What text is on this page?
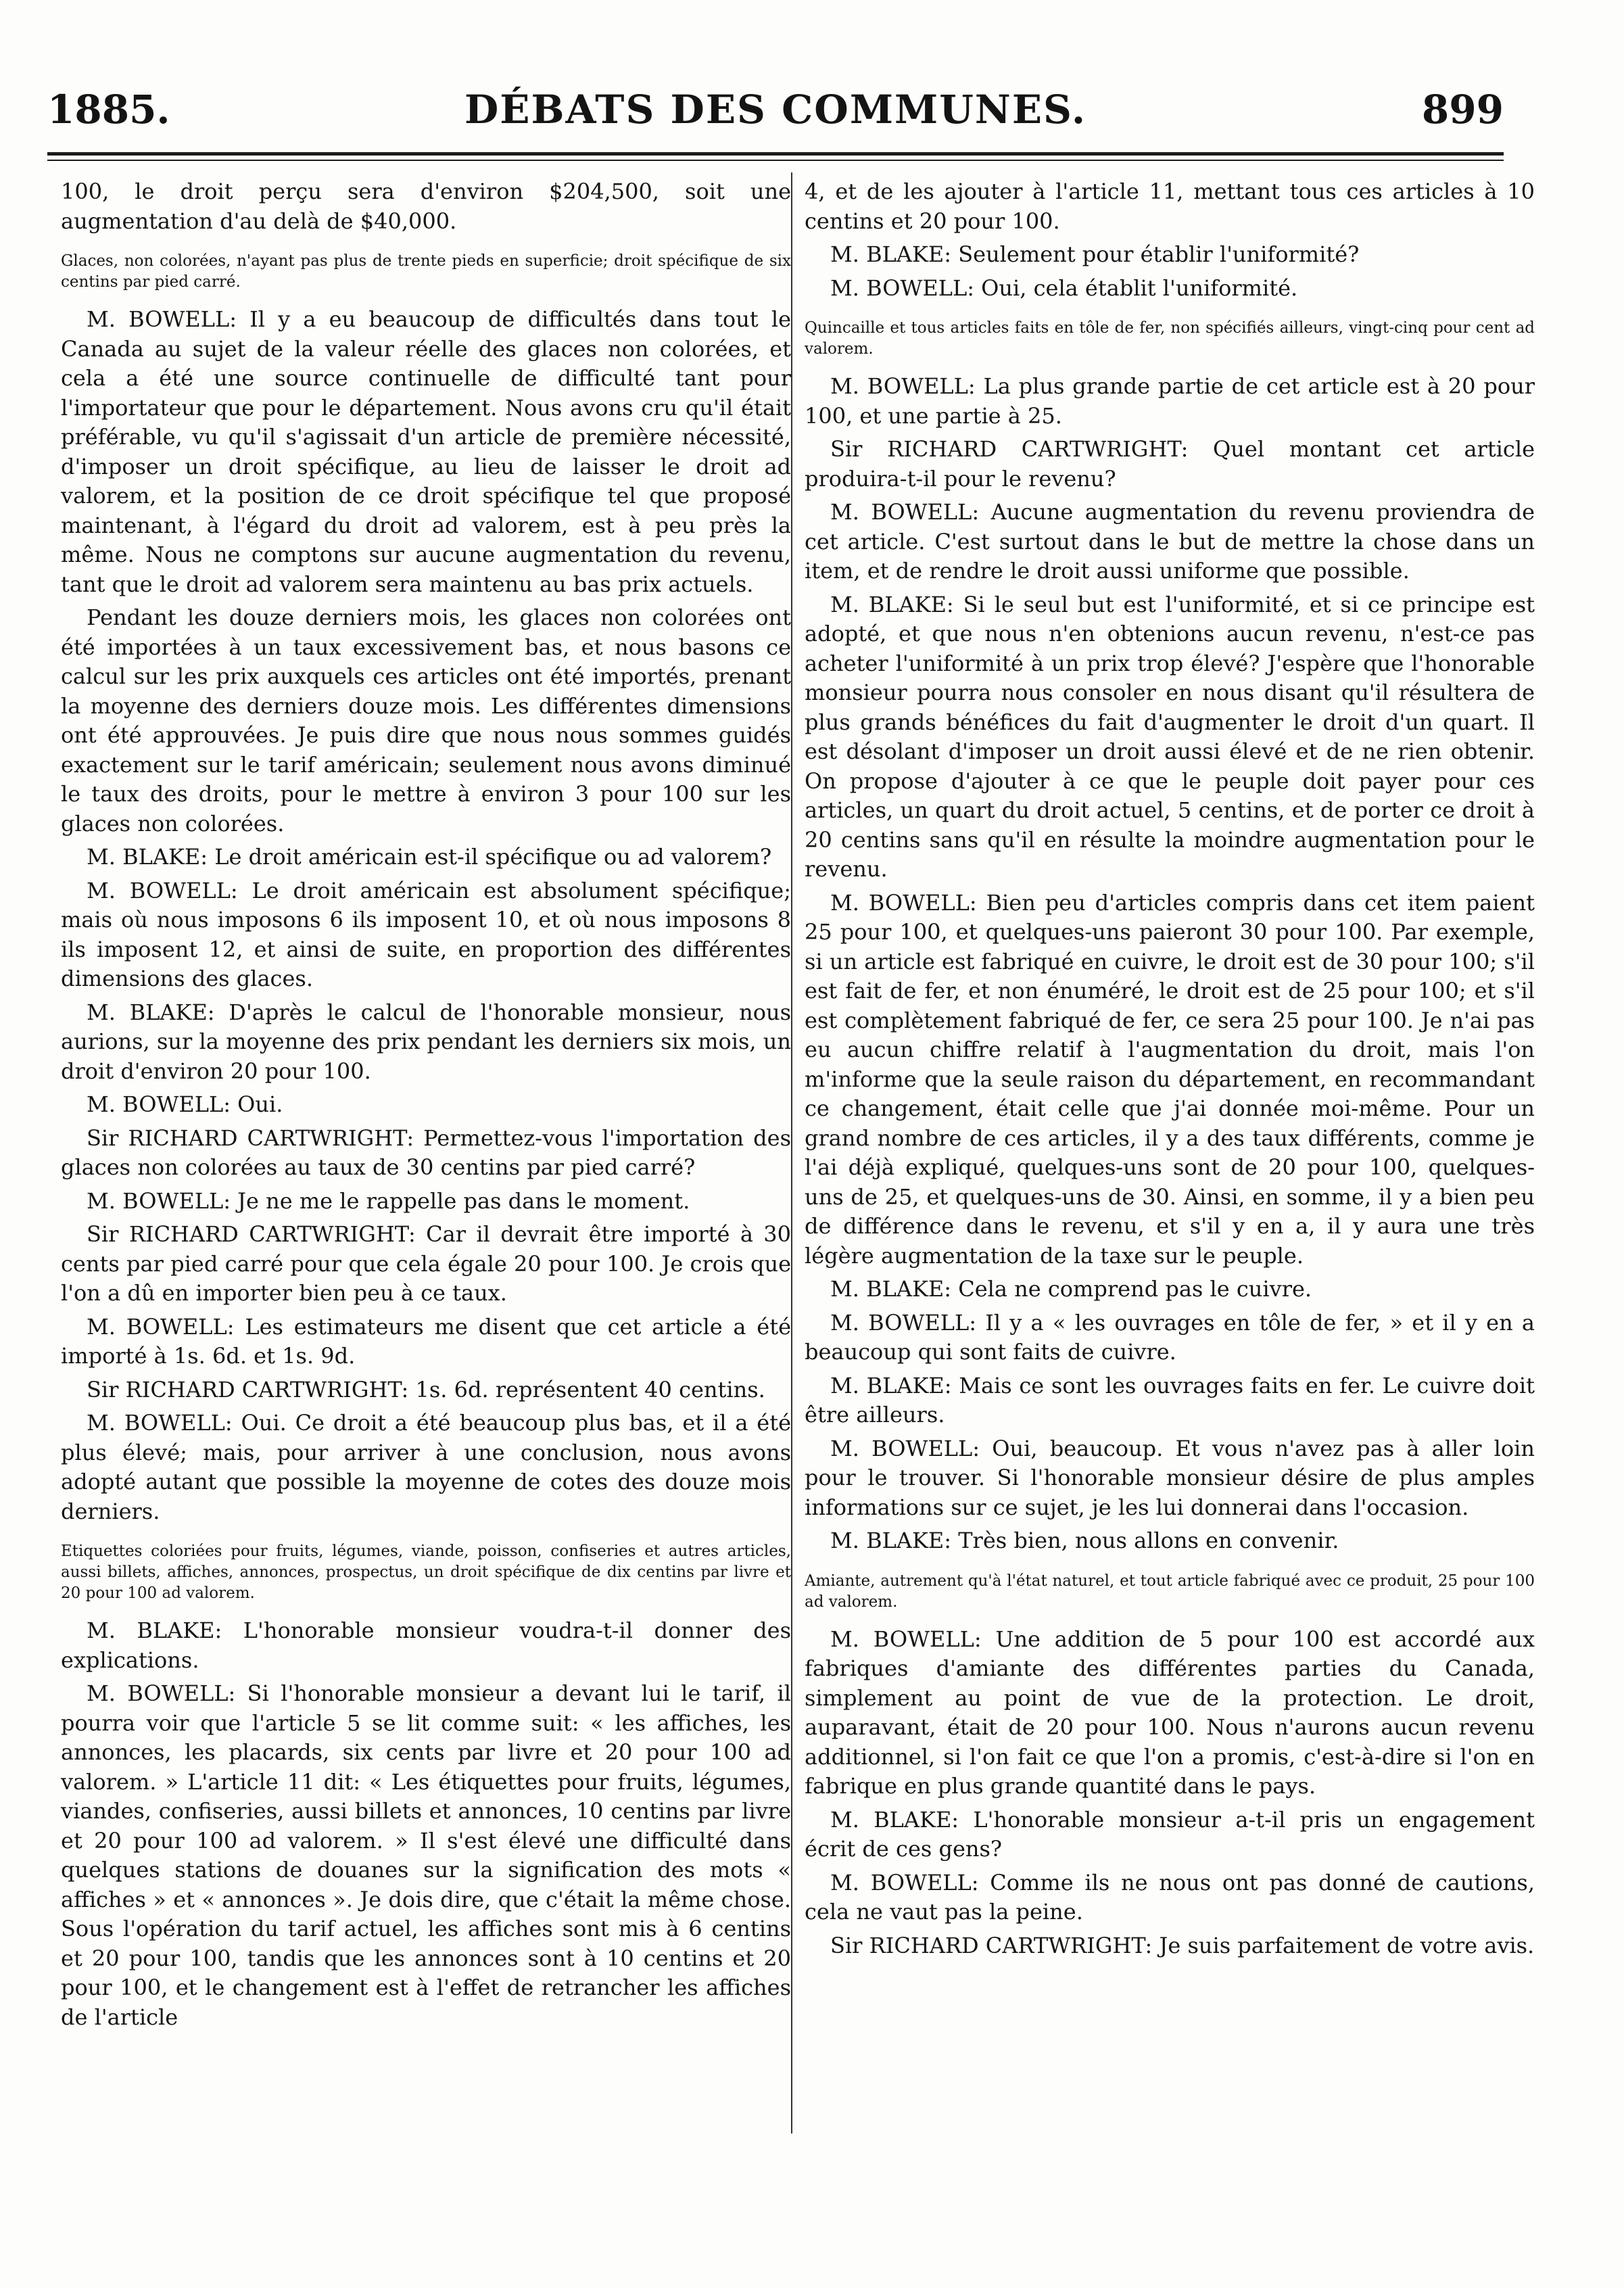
1885.	DÉBATS DES COMMUNES.	899

100, le droit perçu sera d'environ $204,500, soit une augmentation d'au delà de $40,000.

Glaces, non colorées, n'ayant pas plus de trente pieds en superficie; droit spécifique de six centins par pied carré.

M. BOWELL: Il y a eu beaucoup de difficultés dans tout le Canada au sujet de la valeur réelle des glaces non colorées, et cela a été une source continuelle de difficulté tant pour l'importateur que pour le département. Nous avons cru qu'il était préférable, vu qu'il s'agissait d'un article de première nécessité, d'imposer un droit spécifique, au lieu de laisser le droit ad valorem, et la position de ce droit spécifique tel que proposé maintenant, à l'égard du droit ad valorem, est à peu près la même. Nous ne comptons sur aucune augmentation du revenu, tant que le droit ad valorem sera maintenu au bas prix actuels.

Pendant les douze derniers mois, les glaces non colorées ont été importées à un taux excessivement bas, et nous basons ce calcul sur les prix auxquels ces articles ont été importés, prenant la moyenne des derniers douze mois. Les différentes dimensions ont été approuvées. Je puis dire que nous nous sommes guidés exactement sur le tarif américain; seulement nous avons diminué le taux des droits, pour le mettre à environ 3 pour 100 sur les glaces non colorées.

M. BLAKE: Le droit américain est-il spécifique ou ad valorem?

M. BOWELL: Le droit américain est absolument spécifique; mais où nous imposons 6 ils imposent 10, et où nous imposons 8 ils imposent 12, et ainsi de suite, en proportion des différentes dimensions des glaces.

M. BLAKE: D'après le calcul de l'honorable monsieur, nous aurions, sur la moyenne des prix pendant les derniers six mois, un droit d'environ 20 pour 100.

M. BOWELL: Oui.

Sir RICHARD CARTWRIGHT: Permettez-vous l'importation des glaces non colorées au taux de 30 centins par pied carré?

M. BOWELL: Je ne me le rappelle pas dans le moment.

Sir RICHARD CARTWRIGHT: Car il devrait être importé à 30 cents par pied carré pour que cela égale 20 pour 100. Je crois que l'on a dû en importer bien peu à ce taux.

M. BOWELL: Les estimateurs me disent que cet article a été importé à 1s. 6d. et 1s. 9d.

Sir RICHARD CARTWRIGHT: 1s. 6d. représentent 40 centins.

M. BOWELL: Oui. Ce droit a été beaucoup plus bas, et il a été plus élevé; mais, pour arriver à une conclusion, nous avons adopté autant que possible la moyenne de cotes des douze mois derniers.

Etiquettes coloriées pour fruits, légumes, viande, poisson, confiseries et autres articles, aussi billets, affiches, annonces, prospectus, un droit spécifique de dix centins par livre et 20 pour 100 ad valorem.

M. BLAKE: L'honorable monsieur voudra-t-il donner des explications.

M. BOWELL: Si l'honorable monsieur a devant lui le tarif, il pourra voir que l'article 5 se lit comme suit: « les affiches, les annonces, les placards, six cents par livre et 20 pour 100 ad valorem. » L'article 11 dit: « Les étiquettes pour fruits, légumes, viandes, confiseries, aussi billets et annonces, 10 centins par livre et 20 pour 100 ad valorem. » Il s'est élevé une difficulté dans quelques stations de douanes sur la signification des mots « affiches » et « annonces ». Je dois dire, que c'était la même chose. Sous l'opération du tarif actuel, les affiches sont mis à 6 centins et 20 pour 100, tandis que les annonces sont à 10 centins et 20 pour 100, et le changement est à l'effet de retrancher les affiches de l'article

4, et de les ajouter à l'article 11, mettant tous ces articles à 10 centins et 20 pour 100.

M. BLAKE: Seulement pour établir l'uniformité?

M. BOWELL: Oui, cela établit l'uniformité.

Quincaille et tous articles faits en tôle de fer, non spécifiés ailleurs, vingt-cinq pour cent ad valorem.

M. BOWELL: La plus grande partie de cet article est à 20 pour 100, et une partie à 25.

Sir RICHARD CARTWRIGHT: Quel montant cet article produira-t-il pour le revenu?

M. BOWELL: Aucune augmentation du revenu proviendra de cet article. C'est surtout dans le but de mettre la chose dans un item, et de rendre le droit aussi uniforme que possible.

M. BLAKE: Si le seul but est l'uniformité, et si ce principe est adopté, et que nous n'en obtenions aucun revenu, n'est-ce pas acheter l'uniformité à un prix trop élevé? J'espère que l'honorable monsieur pourra nous consoler en nous disant qu'il résultera de plus grands bénéfices du fait d'augmenter le droit d'un quart. Il est désolant d'imposer un droit aussi élevé et de ne rien obtenir. On propose d'ajouter à ce que le peuple doit payer pour ces articles, un quart du droit actuel, 5 centins, et de porter ce droit à 20 centins sans qu'il en résulte la moindre augmentation pour le revenu.

M. BOWELL: Bien peu d'articles compris dans cet item paient 25 pour 100, et quelques-uns paieront 30 pour 100. Par exemple, si un article est fabriqué en cuivre, le droit est de 30 pour 100; s'il est fait de fer, et non énuméré, le droit est de 25 pour 100; et s'il est complètement fabriqué de fer, ce sera 25 pour 100. Je n'ai pas eu aucun chiffre relatif à l'augmentation du droit, mais l'on m'informe que la seule raison du département, en recommandant ce changement, était celle que j'ai donnée moi-même. Pour un grand nombre de ces articles, il y a des taux différents, comme je l'ai déjà expliqué, quelques-uns sont de 20 pour 100, quelques-uns de 25, et quelques-uns de 30. Ainsi, en somme, il y a bien peu de différence dans le revenu, et s'il y en a, il y aura une très légère augmentation de la taxe sur le peuple.

M. BLAKE: Cela ne comprend pas le cuivre.

M. BOWELL: Il y a « les ouvrages en tôle de fer, » et il y en a beaucoup qui sont faits de cuivre.

M. BLAKE: Mais ce sont les ouvrages faits en fer. Le cuivre doit être ailleurs.

M. BOWELL: Oui, beaucoup. Et vous n'avez pas à aller loin pour le trouver. Si l'honorable monsieur désire de plus amples informations sur ce sujet, je les lui donnerai dans l'occasion.

M. BLAKE: Très bien, nous allons en convenir.

Amiante, autrement qu'à l'état naturel, et tout article fabriqué avec ce produit, 25 pour 100 ad valorem.

M. BOWELL: Une addition de 5 pour 100 est accordé aux fabriques d'amiante des différentes parties du Canada, simplement au point de vue de la protection. Le droit, auparavant, était de 20 pour 100. Nous n'aurons aucun revenu additionnel, si l'on fait ce que l'on a promis, c'est-à-dire si l'on en fabrique en plus grande quantité dans le pays.

M. BLAKE: L'honorable monsieur a-t-il pris un engagement écrit de ces gens?

M. BOWELL: Comme ils ne nous ont pas donné de cautions, cela ne vaut pas la peine.

Sir RICHARD CARTWRIGHT: Je suis parfaitement de votre avis.
